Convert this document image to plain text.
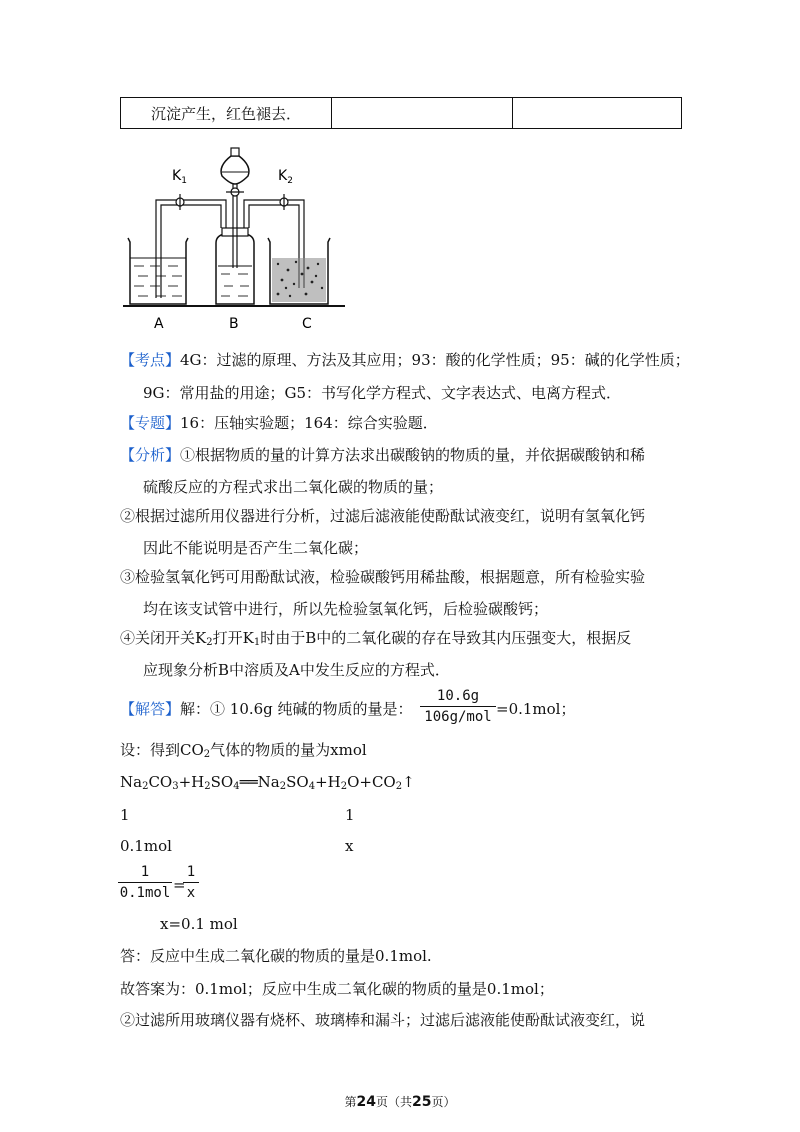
沉淀产生，红色褪去．		
$K_1$	$K_2$
A	B	C
【考点】4G：过滤的原理、方法及其应用；93：酸的化学性质；95：碱的化学性质；
9G：常用盐的用途；G5：书写化学方程式、文字表达式、电离方程式．
【专题】16：压轴实验题；164：综合实验题．
【分析】①根据物质的量的计算方法求出碳酸钠的物质的量，并依据碳酸钠和稀
硫酸反应的方程式求出二氧化碳的物质的量；
②根据过滤所用仪器进行分析，过滤后滤液能使酚酞试液变红，说明有氢氧化钙
因此不能说明是否产生二氧化碳；
③检验氢氧化钙可用酚酞试液，检验碳酸钙用稀盐酸，根据题意，所有检验实验
均在该支试管中进行，所以先检验氢氧化钙，后检验碳酸钙；
④关闭开关$K_2$打开$K_1$时由于B中的二氧化碳的存在导致其内压强变大，根据反
应现象分析B中溶质及A中发生反应的方程式．
【解答】解：① 10.6g 纯碱的物质的量是：
10.6g
106g/mol =0.1mol；
设：得到$CO_2$气体的物质的量为xmol
$Na_2CO_3+H_2SO_4══Na_2SO_4+H_2O+CO_2↑$
1	1
0.1mol	x
1
0.1mol =
$\frac{1}{x}$
x=0.1 mol
答：反应中生成二氧化碳的物质的量是0.1mol.
故答案为：0.1mol；反应中生成二氧化碳的物质的量是0.1mol；
②过滤所用玻璃仪器有烧杯、玻璃棒和漏斗；过滤后滤液能使酚酞试液变红，说
第24页（共25页）
